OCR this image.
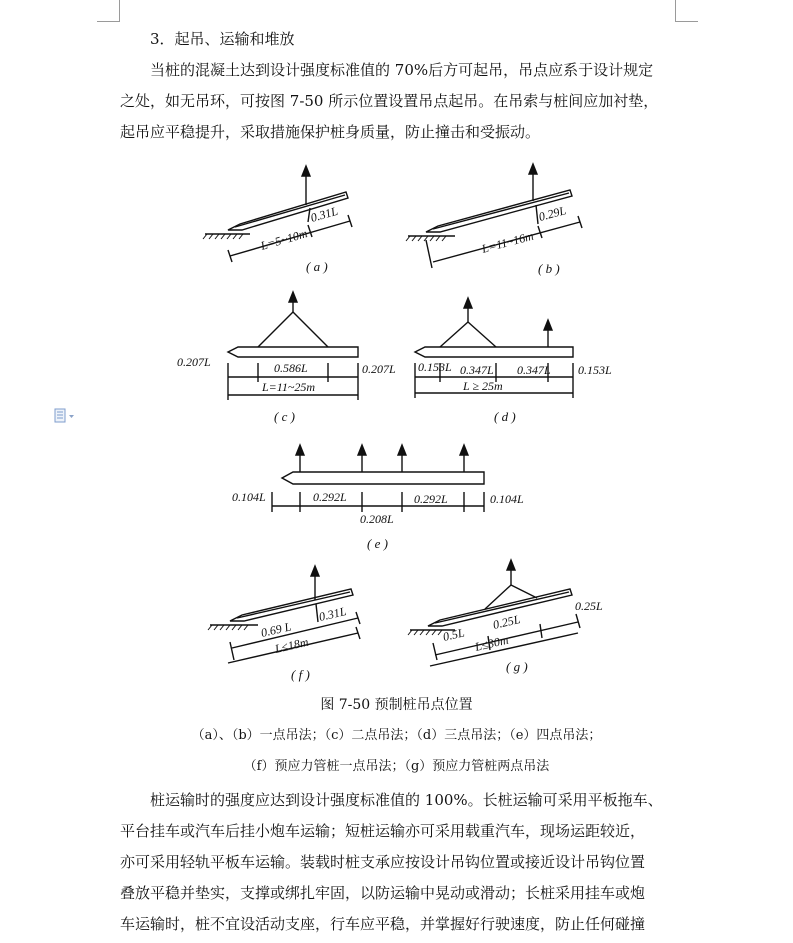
3．起吊、运输和堆放
当桩的混凝土达到设计强度标准值的 70%后方可起吊，吊点应系于设计规定
之处，如无吊环，可按图 7-50 所示位置设置吊点起吊。在吊索与桩间应加衬垫，
起吊应平稳提升，采取措施保护桩身质量，防止撞击和受振动。
0.31L
L=5~10m
0.29L
L=11~16m
0.207L	0.586L	0.207L
L=11~25m
0.153L 0.347L 0.347L 0.153L
L ≥ 25m
0.104L	0.292L	0.292L	0.104L
0.208L
0.69 L
0.31L
L≤18m	0.5L
0.25L
0.25L
L≤30m
( a )	( b )
( c )	( d )
( e )
( f )
( g )
图 7-50 预制桩吊点位置
（a）、（b）一点吊法；（c）二点吊法；（d）三点吊法；（e）四点吊法；
（f）预应力管桩一点吊法；（g）预应力管桩两点吊法
桩运输时的强度应达到设计强度标准值的 100%。长桩运输可采用平板拖车、
平台挂车或汽车后挂小炮车运输；短桩运输亦可采用载重汽车，现场运距较近，
亦可采用轻轨平板车运输。装载时桩支承应按设计吊钩位置或接近设计吊钩位置
叠放平稳并垫实，支撑或绑扎牢固，以防运输中晃动或滑动；长桩采用挂车或炮
车运输时，桩不宜设活动支座，行车应平稳，并掌握好行驶速度，防止任何碰撞
